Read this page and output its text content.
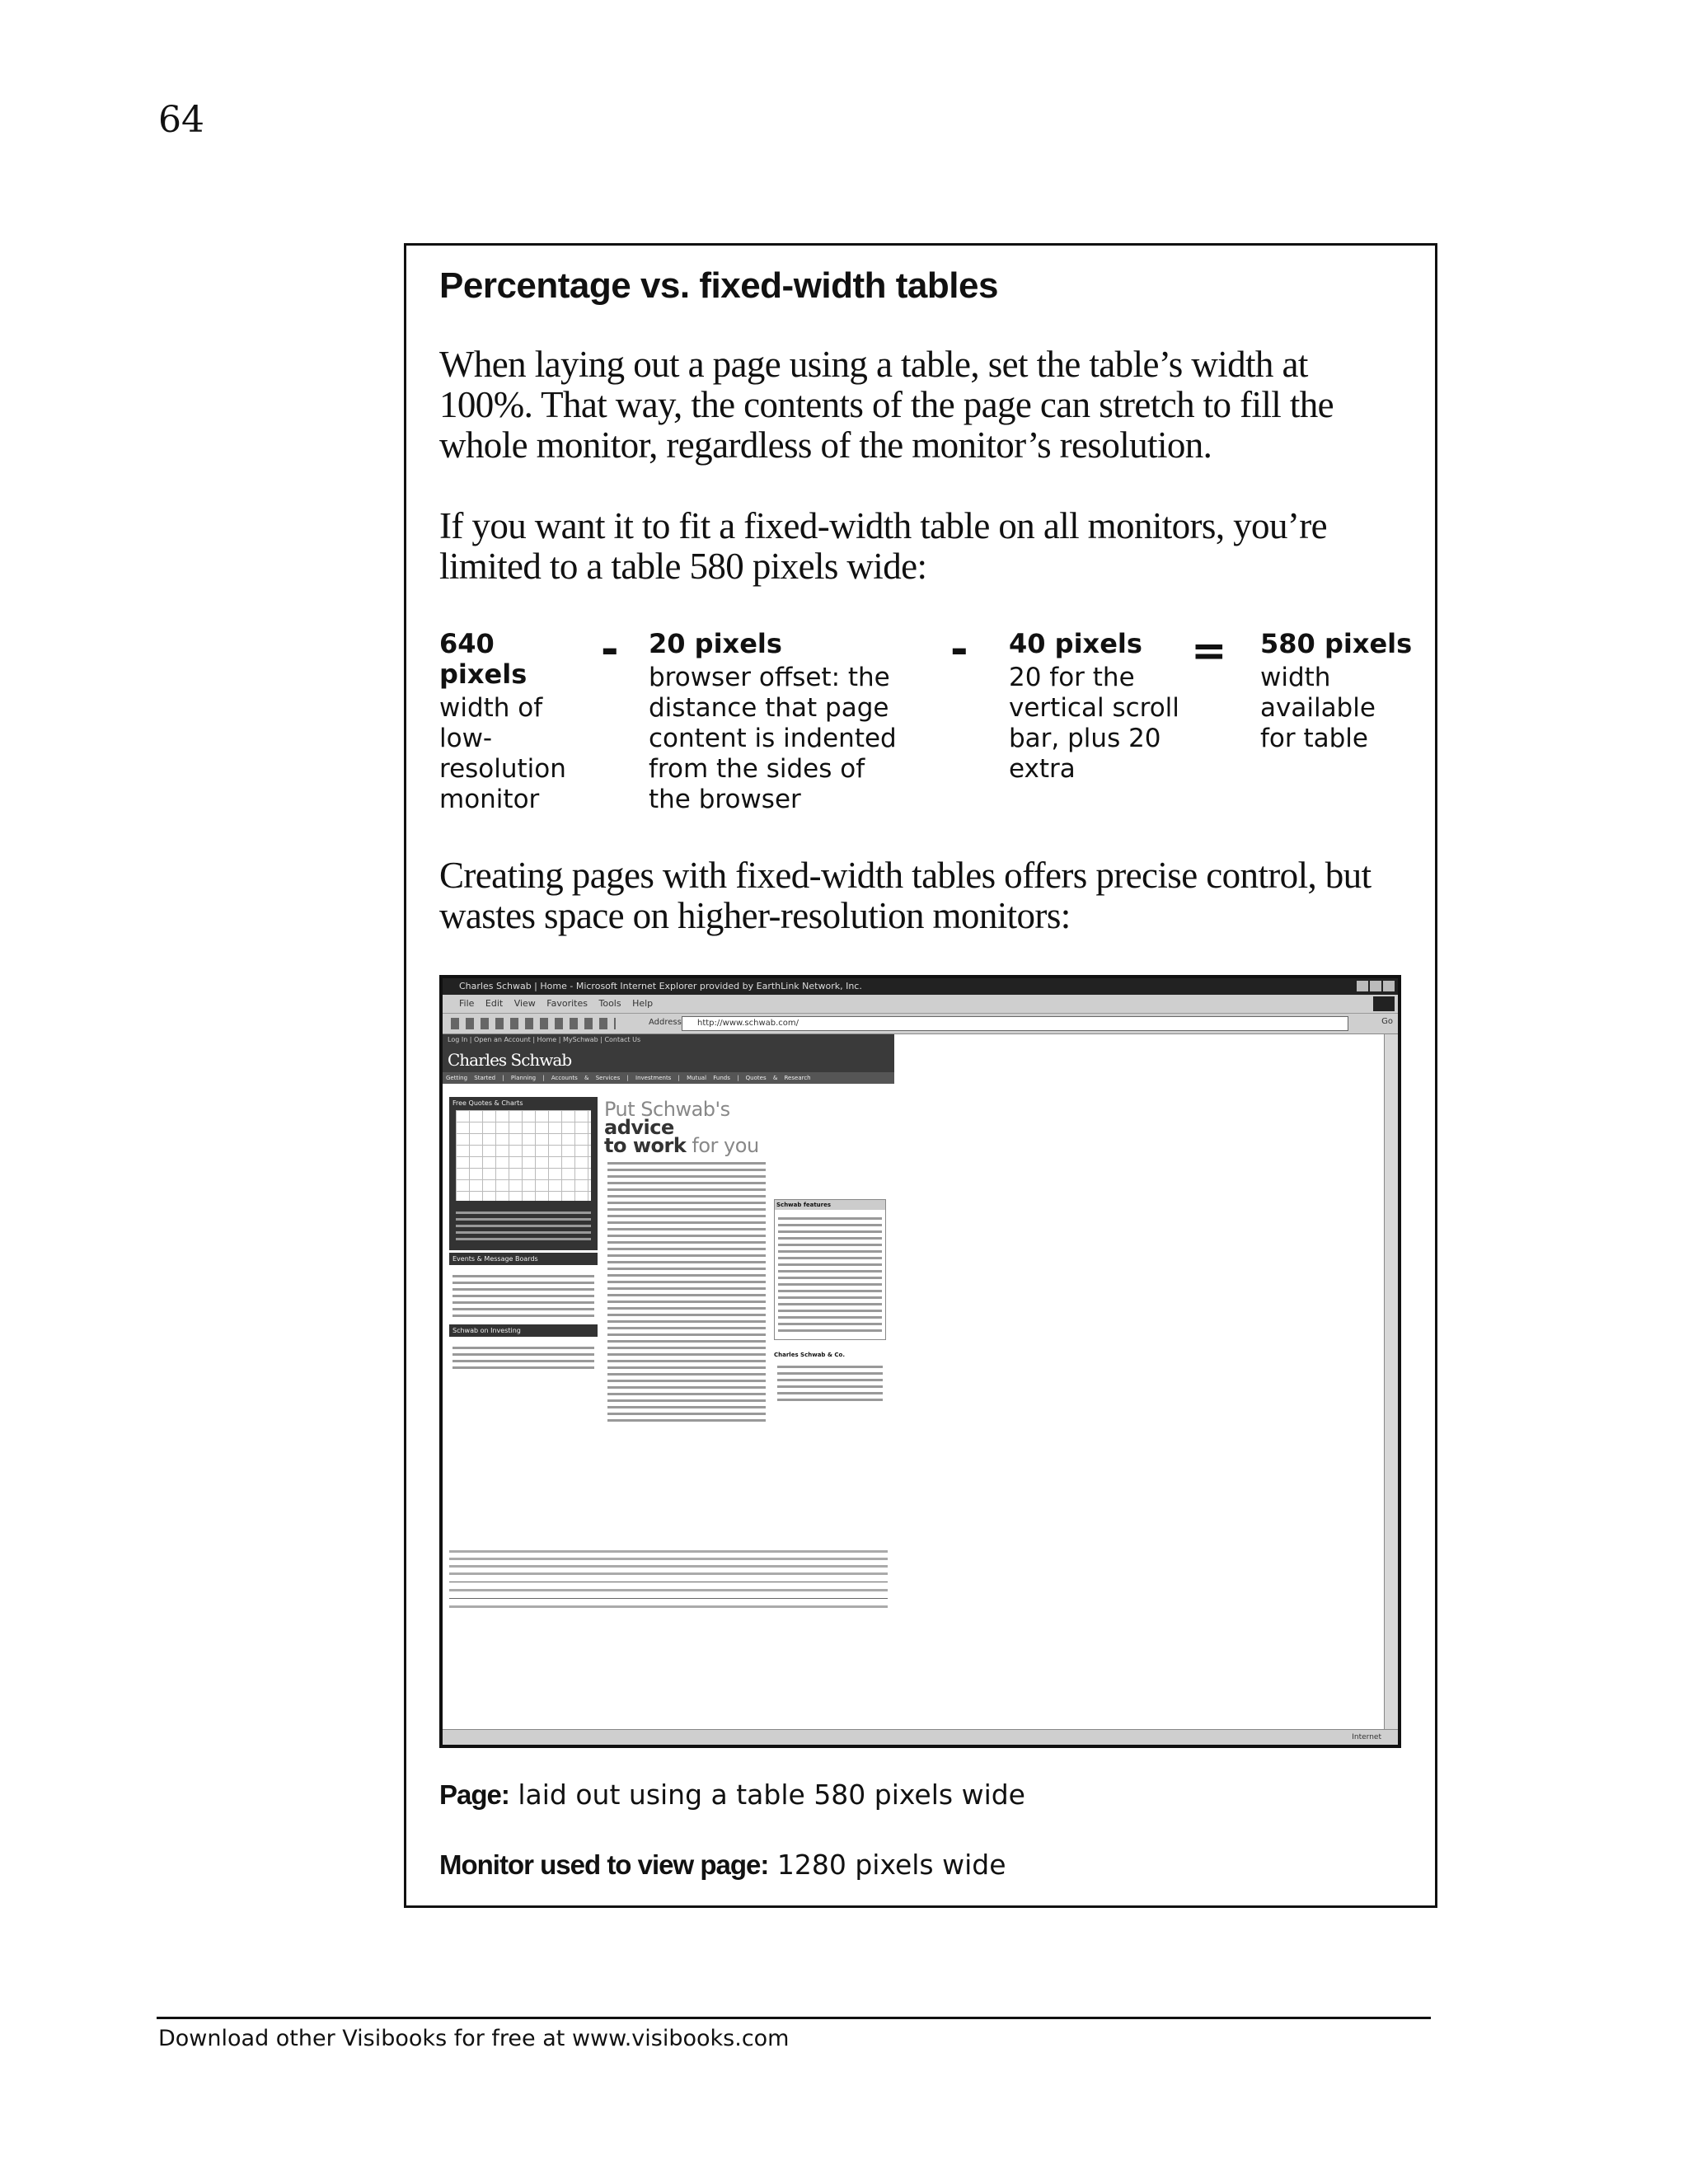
64
Percentage vs. fixed-width tables
When laying out a page using a table, set the table’s width at 100%. That way, the contents of the page can stretch to fill the whole monitor, regardless of the monitor’s resolution.
If you want it to fit a fixed-width table on all monitors, you’re limited to a table 580 pixels wide:
640 pixels
width of low-resolution monitor
- 20 pixels
browser offset: the distance that page content is indented from the sides of the browser
- 40 pixels
20 for the vertical scroll bar, plus 20 extra
= 580 pixels
width available for table
Creating pages with fixed-width tables offers precise control, but wastes space on higher-resolution monitors:
Charles Schwab | Home - Microsoft Internet Explorer provided by EarthLink Network, Inc.
File Edit View Favorites Tools Help
Address	http://www.schwab.com/	Go
Log In | Open an Account | Home | MySchwab | Contact Us
Charles Schwab
Getting Started | Planning | Accounts & Services | Investments | Mutual Funds | Quotes & Research
Free Quotes & Charts
Events & Message Boards
Schwab on Investing
Put Schwab's advice
to work for you
Schwab features
Charles Schwab & Co.
Internet
Page: laid out using a table 580 pixels wide
Monitor used to view page: 1280 pixels wide
Download other Visibooks for free at www.visibooks.com
